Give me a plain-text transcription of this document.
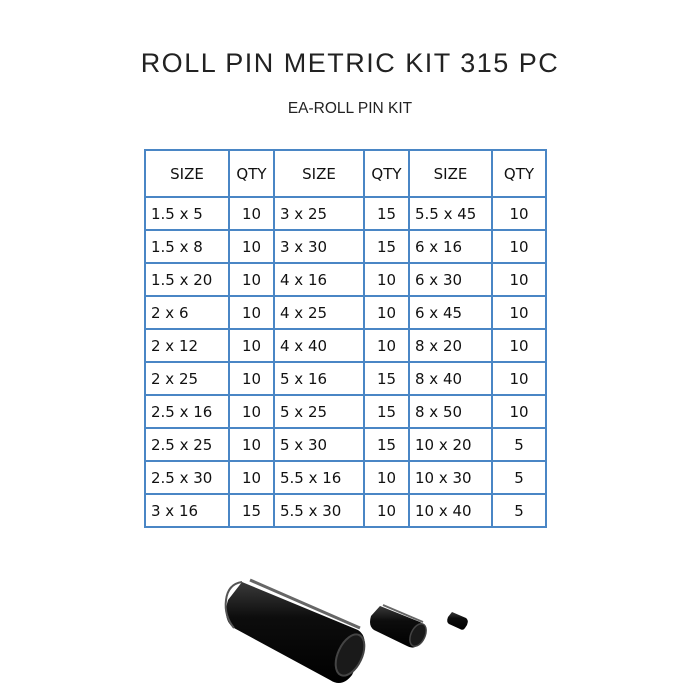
ROLL PIN METRIC KIT 315 PC
EA-ROLL PIN KIT
SIZE	QTY	SIZE	QTY	SIZE	QTY
1.5 x 5	10	3 x 25	15	5.5 x 45	10
1.5 x 8	10	3 x 30	15	6 x 16	10
1.5 x 20	10	4 x 16	10	6 x 30	10
2 x 6	10	4 x 25	10	6 x 45	10
2 x 12	10	4 x 40	10	8 x 20	10
2 x 25	10	5 x 16	15	8 x 40	10
2.5 x 16	10	5 x 25	15	8 x 50	10
2.5 x 25	10	5 x 30	15	10 x 20	5
2.5 x 30	10	5.5 x 16	10	10 x 30	5
3 x 16	15	5.5 x 30	10	10 x 40	5
